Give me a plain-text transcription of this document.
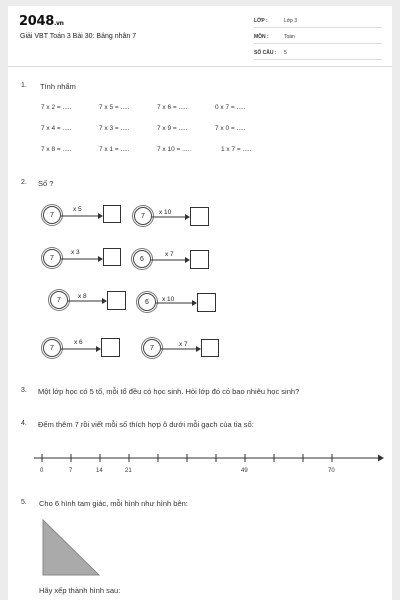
2048.vn
Giải VBT Toán 3 Bài 30: Bảng nhân 7
LỚP :	Lớp 3
MÔN :	Toán
SỐ CÂU : 5
1. Tính nhẩm
7 x 2 = .....	7 x 5 = .....	7 x 6 = .....	0 x 7 = .....
7 x 4 = .....	7 x 3 = .....	7 x 9 = .....	7 x 0 = .....
7 x 8 = .....	7 x 1 = .....	7 x 10 = .....	1 x 7 = .....
2. Số ?
7
x 5
7	x 10
7
x 3
6
x 7
7	x 8
6	x 10
7
x 6
7	x 7
3. Một lớp học có 5 tổ, mỗi tổ đều có học sinh. Hỏi lớp đó có bao nhiêu học sinh?
4. Đếm thêm 7 rồi viết mỗi số thích hợp ô dưới mỗi gạch của tia số:
0	7	14	21	49	70
5. Cho 6 hình tam giác, mỗi hình như hình bên:
Hãy xếp thành hình sau:
